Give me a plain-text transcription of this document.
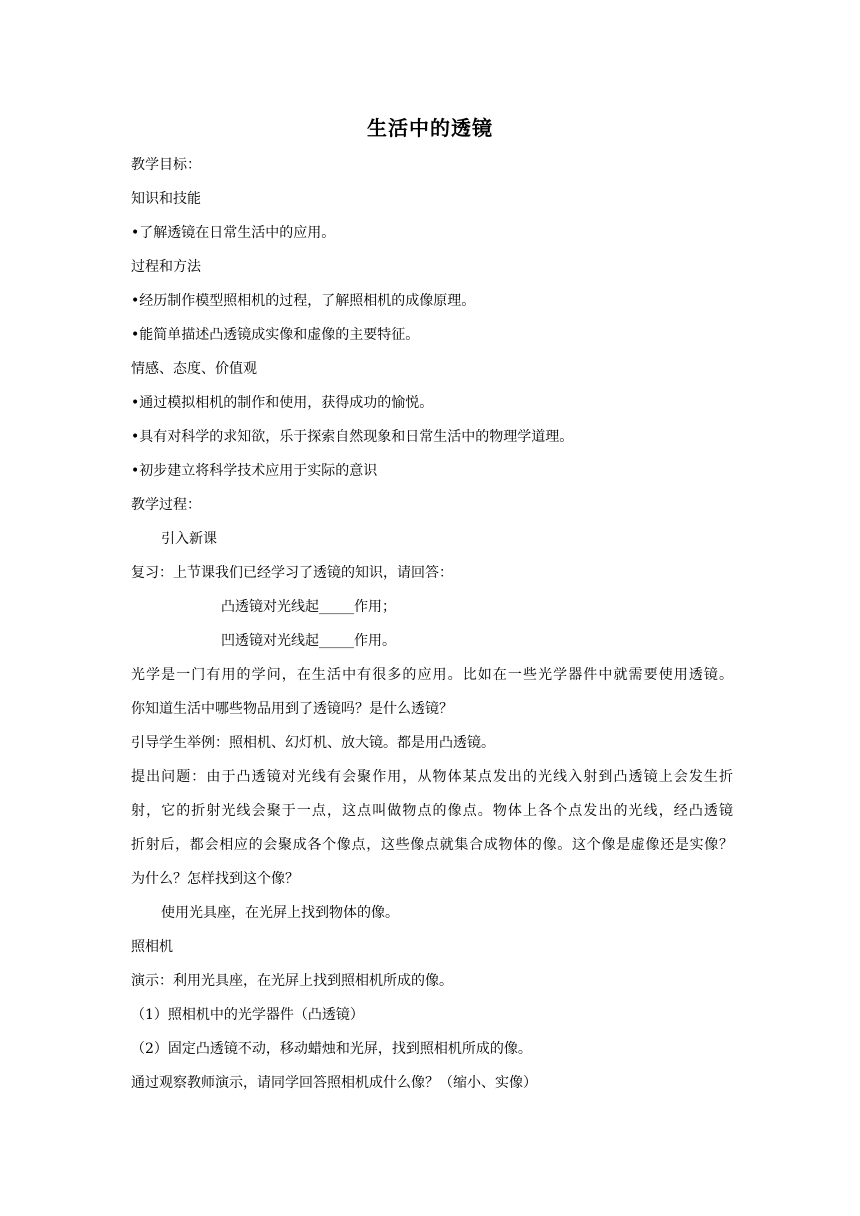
生活中的透镜
教学目标：
知识和技能
•了解透镜在日常生活中的应用。
过程和方法
•经历制作模型照相机的过程，了解照相机的成像原理。
•能简单描述凸透镜成实像和虚像的主要特征。
情感、态度、价值观
•通过模拟相机的制作和使用，获得成功的愉悦。
•具有对科学的求知欲，乐于探索自然现象和日常生活中的物理学道理。
•初步建立将科学技术应用于实际的意识
教学过程：
引入新课
复习：上节课我们已经学习了透镜的知识，请回答：
凸透镜对光线起_____作用；
凹透镜对光线起_____作用。
光学是一门有用的学问，在生活中有很多的应用。比如在一些光学器件中就需要使用透镜。
你知道生活中哪些物品用到了透镜吗？是什么透镜？
引导学生举例：照相机、幻灯机、放大镜。都是用凸透镜。
提出问题：由于凸透镜对光线有会聚作用，从物体某点发出的光线入射到凸透镜上会发生折
射，它的折射光线会聚于一点，这点叫做物点的像点。物体上各个点发出的光线，经凸透镜
折射后，都会相应的会聚成各个像点，这些像点就集合成物体的像。这个像是虚像还是实像？
为什么？怎样找到这个像？
使用光具座，在光屏上找到物体的像。
照相机
演示：利用光具座，在光屏上找到照相机所成的像。
（1）照相机中的光学器件（凸透镜）
（2）固定凸透镜不动，移动蜡烛和光屏，找到照相机所成的像。
通过观察教师演示，请同学回答照相机成什么像？（缩小、实像）
